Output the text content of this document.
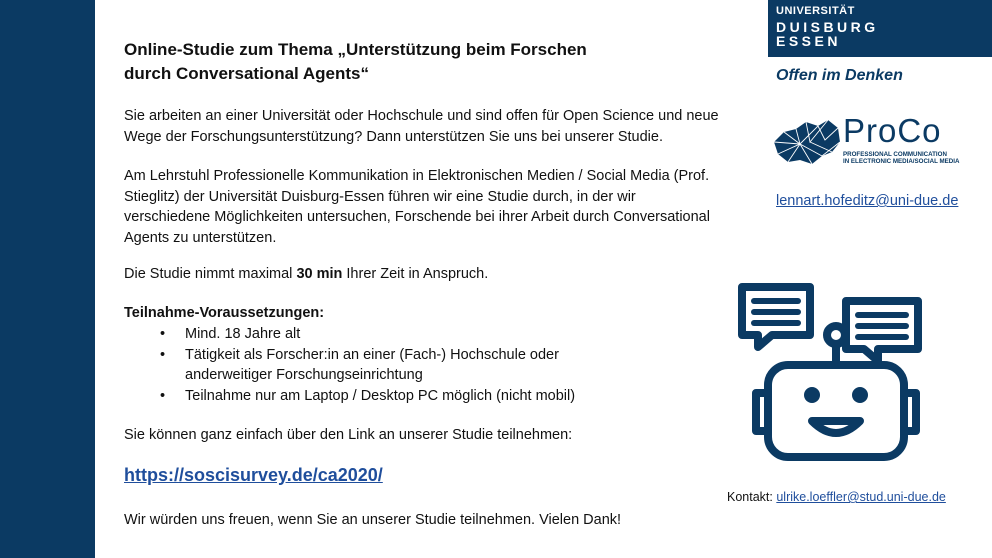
Online-Studie zum Thema „Unterstützung beim Forschen
durch Conversational Agents“

Sie arbeiten an einer Universität oder Hochschule und sind offen für Open Science und neue Wege der Forschungsunterstützung? Dann unterstützen Sie uns bei unserer Studie.

Am Lehrstuhl Professionelle Kommunikation in Elektronischen Medien / Social Media (Prof. Stieglitz) der Universität Duisburg-Essen führen wir eine Studie durch, in der wir verschiedene Möglichkeiten untersuchen, Forschende bei ihrer Arbeit durch Conversational Agents zu unterstützen.

Die Studie nimmt maximal 30 min Ihrer Zeit in Anspruch.

Teilnahme-Voraussetzungen:

• Mind. 18 Jahre alt
• Tätigkeit als Forscher:in an einer (Fach-) Hochschule oder anderweitiger Forschungseinrichtung
• Teilnahme nur am Laptop / Desktop PC möglich (nicht mobil)

Sie können ganz einfach über den Link an unserer Studie teilnehmen:

https://soscisurvey.de/ca2020/

Wir würden uns freuen, wenn Sie an unserer Studie teilnehmen. Vielen Dank!

UNIVERSITÄT
DUISBURG
ESSEN
Offen im Denken
ProCo
PROFESSIONAL COMMUNICATION
IN ELECTRONIC MEDIA/SOCIAL MEDIA
lennart.hofeditz@uni-due.de
Kontakt: ulrike.loeffler@stud.uni-due.de
